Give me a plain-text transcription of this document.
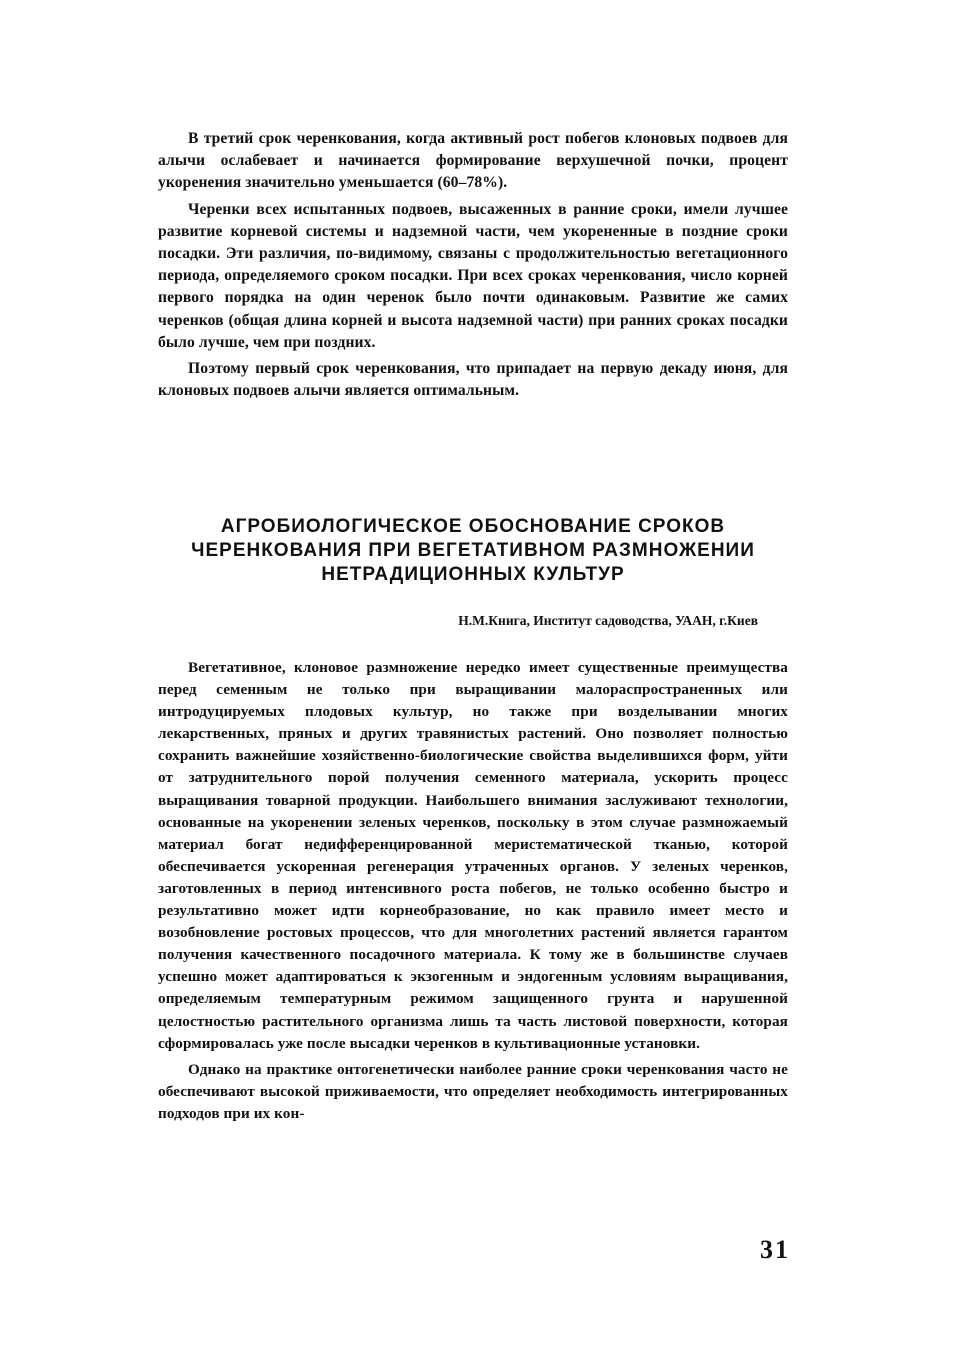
В третий срок черенкования, когда активный рост побегов клоновых подвоев для алычи ослабевает и начинается формирование верхушечной почки, процент укоренения значительно уменьшается (60–78%).

Черенки всех испытанных подвоев, высаженных в ранние сроки, имели лучшее развитие корневой системы и надземной части, чем укорененные в поздние сроки посадки. Эти различия, по-видимому, связаны с продолжительностью вегетационного периода, определяемого сроком посадки. При всех сроках черенкования, число корней первого порядка на один черенок было почти одинаковым. Развитие же самих черенков (общая длина корней и высота надземной части) при ранних сроках посадки было лучше, чем при поздних.

Поэтому первый срок черенкования, что припадает на первую декаду июня, для клоновых подвоев алычи является оптимальным.

АГРОБИОЛОГИЧЕСКОЕ ОБОСНОВАНИЕ СРОКОВ
ЧЕРЕНКОВАНИЯ ПРИ ВЕГЕТАТИВНОМ РАЗМНОЖЕНИИ
НЕТРАДИЦИОННЫХ КУЛЬТУР
Н.М.Книга, Институт садоводства, УААН, г.Киев

Вегетативное, клоновое размножение нередко имеет существенные преимущества перед семенным не только при выращивании малораспространенных или интродуцируемых плодовых культур, но также при возделывании многих лекарственных, пряных и других травянистых растений. Оно позволяет полностью сохранить важнейшие хозяйственно-биологические свойства выделившихся форм, уйти от затруднительного порой получения семенного материала, ускорить процесс выращивания товарной продукции. Наибольшего внимания заслуживают технологии, основанные на укоренении зеленых черенков, поскольку в этом случае размножаемый материал богат недифференцированной меристематической тканью, которой обеспечивается ускоренная регенерация утраченных органов. У зеленых черенков, заготовленных в период интенсивного роста побегов, не только особенно быстро и результативно может идти корнеобразование, но как правило имеет место и возобновление ростовых процессов, что для многолетних растений является гарантом получения качественного посадочного материала. К тому же в большинстве случаев успешно может адаптироваться к экзогенным и эндогенным условиям выращивания, определяемым температурным режимом защищенного грунта и нарушенной целостностью растительного организма лишь та часть листовой поверхности, которая сформировалась уже после высадки черенков в культивационные установки.

Однако на практике онтогенетически наиболее ранние сроки черенкования часто не обеспечивают высокой приживаемости, что определяет необходимость интегрированных подходов при их кон-

31
